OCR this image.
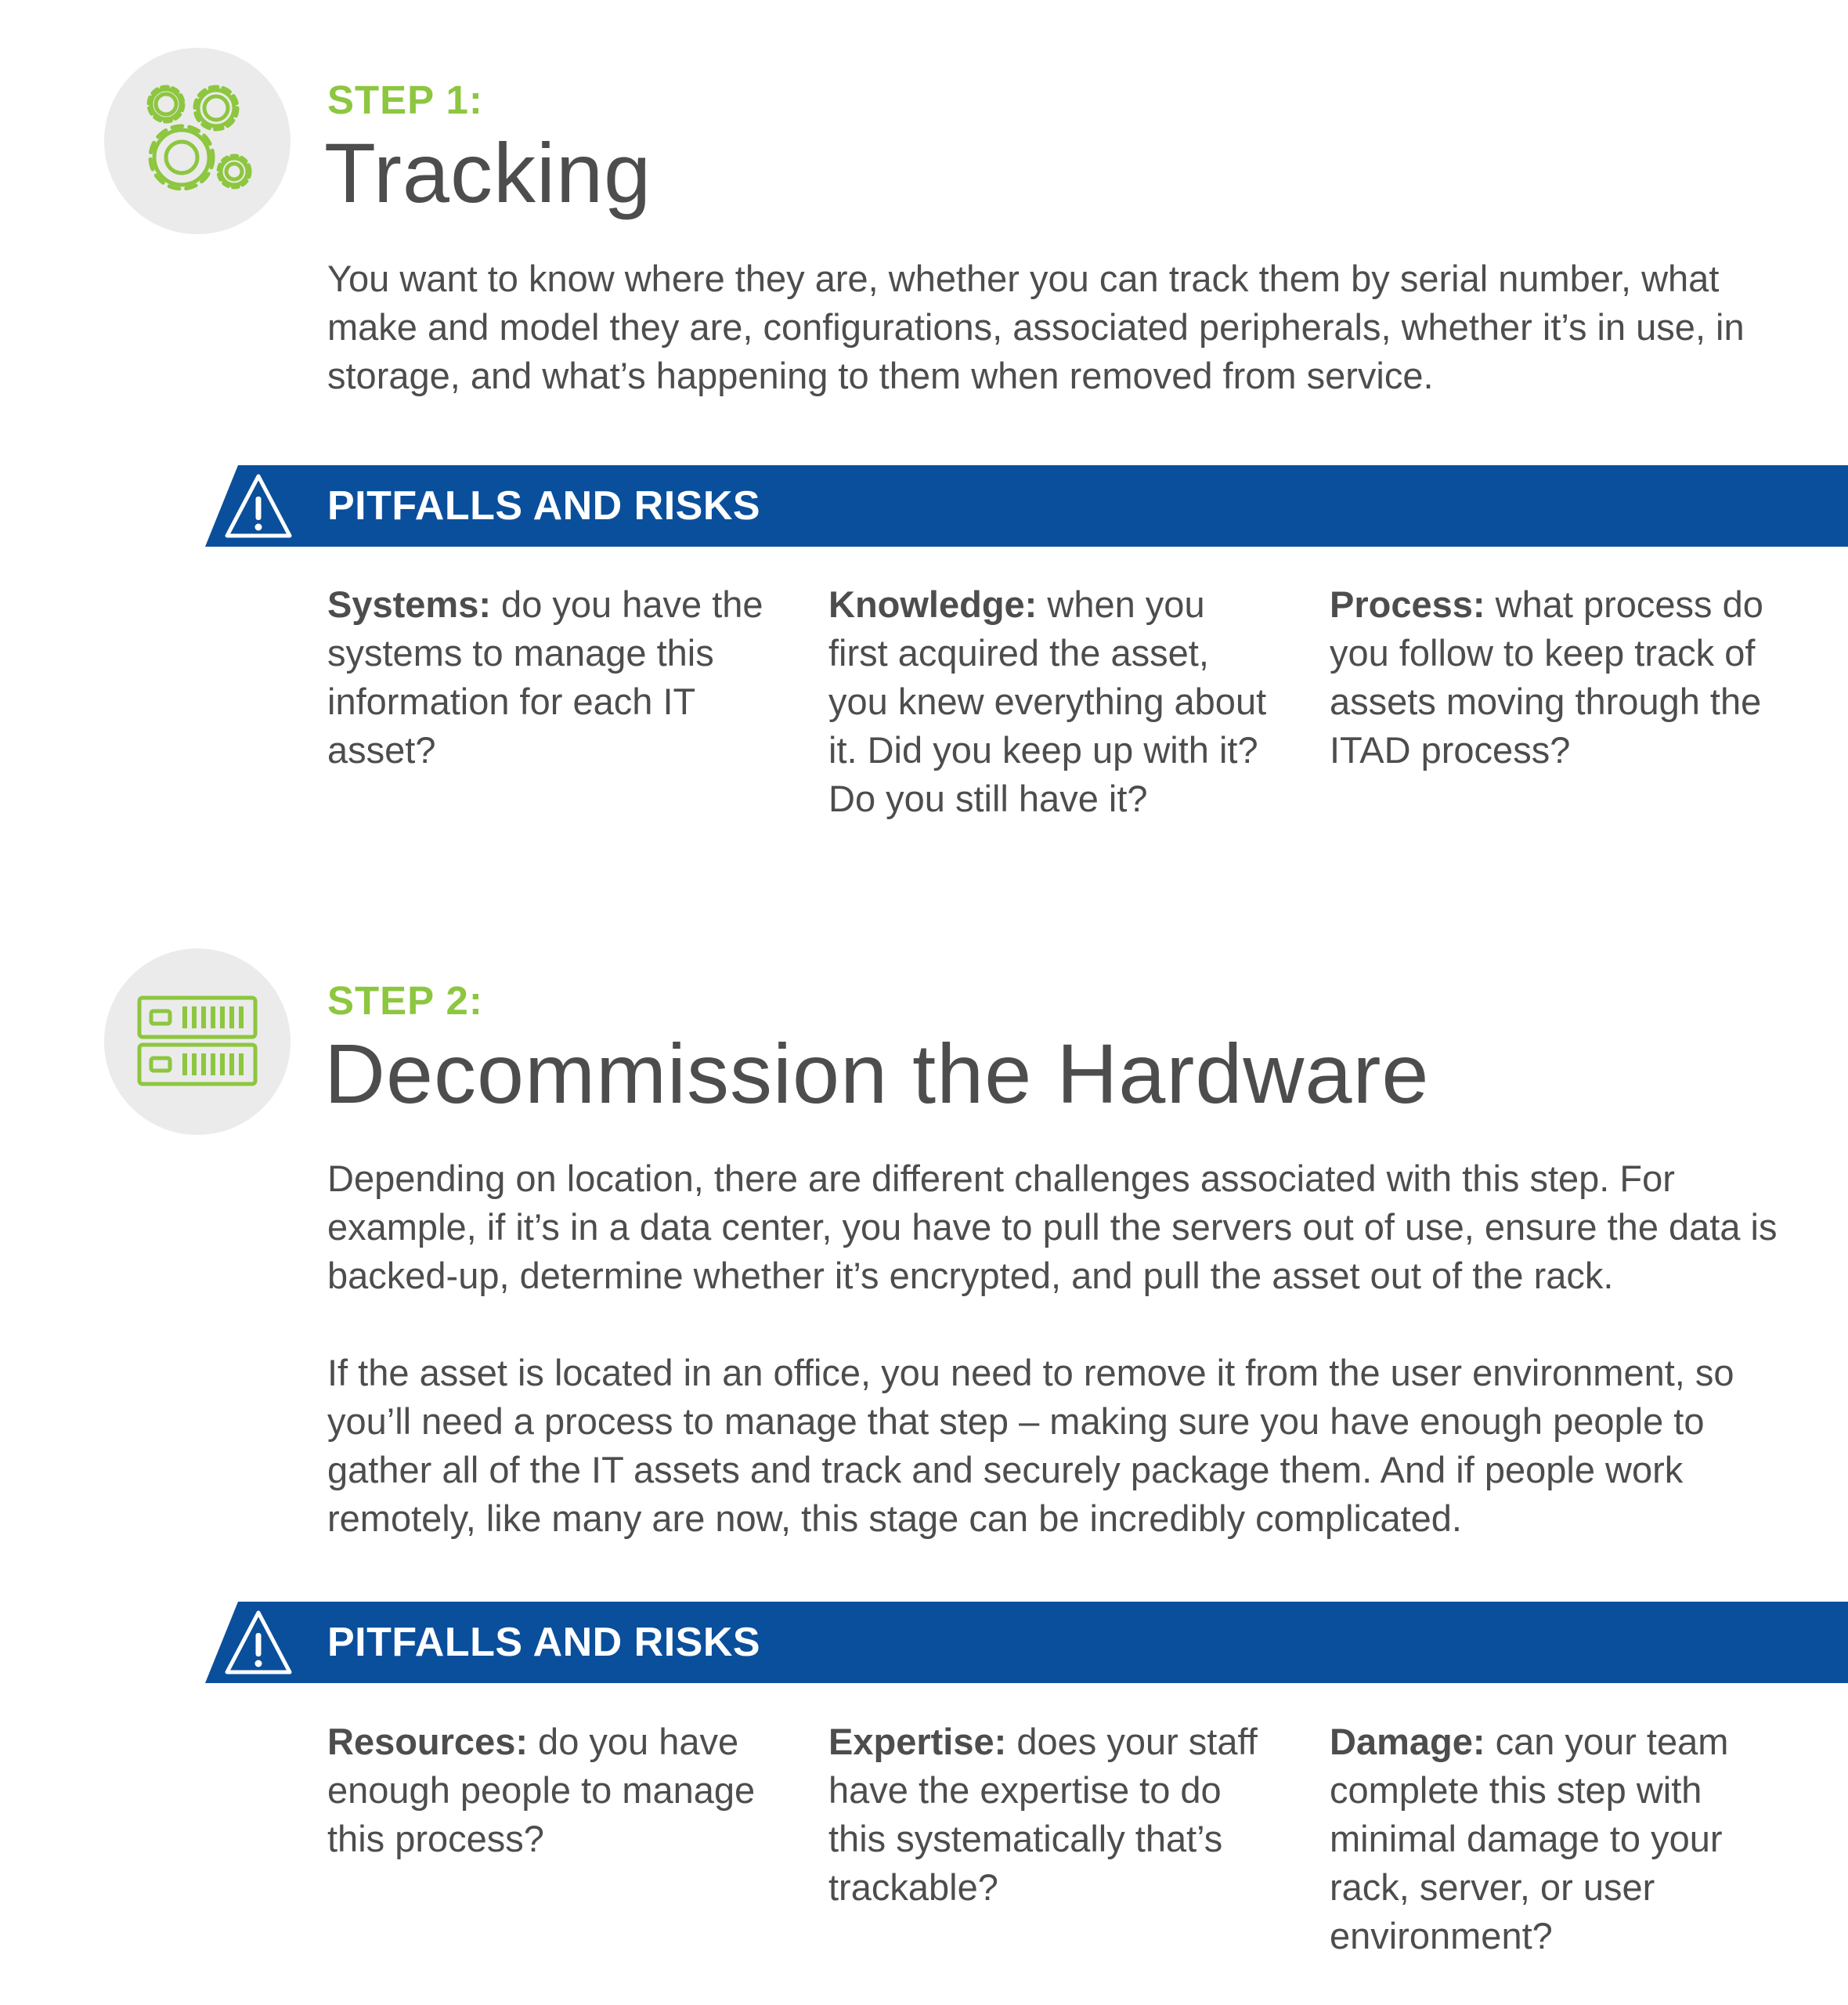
STEP 1:
Tracking

You want to know where they are, whether you can track them by serial number, what make and model they are, configurations, associated peripherals, whether it’s in use, in storage, and what’s happening to them when removed from service.

PITFALLS AND RISKS
Systems: do you have the systems to manage this information for each IT asset?
Knowledge: when you first acquired the asset, you knew everything about it. Did you keep up with it? Do you still have it?
Process: what process do you follow to keep track of assets moving through the ITAD process?
STEP 2:
Decommission the Hardware

Depending on location, there are different challenges associated with this step. For example, if it’s in a data center, you have to pull the servers out of use, ensure the data is backed-up, determine whether it’s encrypted, and pull the asset out of the rack.

If the asset is located in an office, you need to remove it from the user environment, so you’ll need a process to manage that step – making sure you have enough people to gather all of the IT assets and track and securely package them. And if people work remotely, like many are now, this stage can be incredibly complicated.

PITFALLS AND RISKS
Resources: do you have enough people to manage this process?
Expertise: does your staff have the expertise to do this systematically that’s trackable?
Damage: can your team complete this step with minimal damage to your rack, server, or user environment?
